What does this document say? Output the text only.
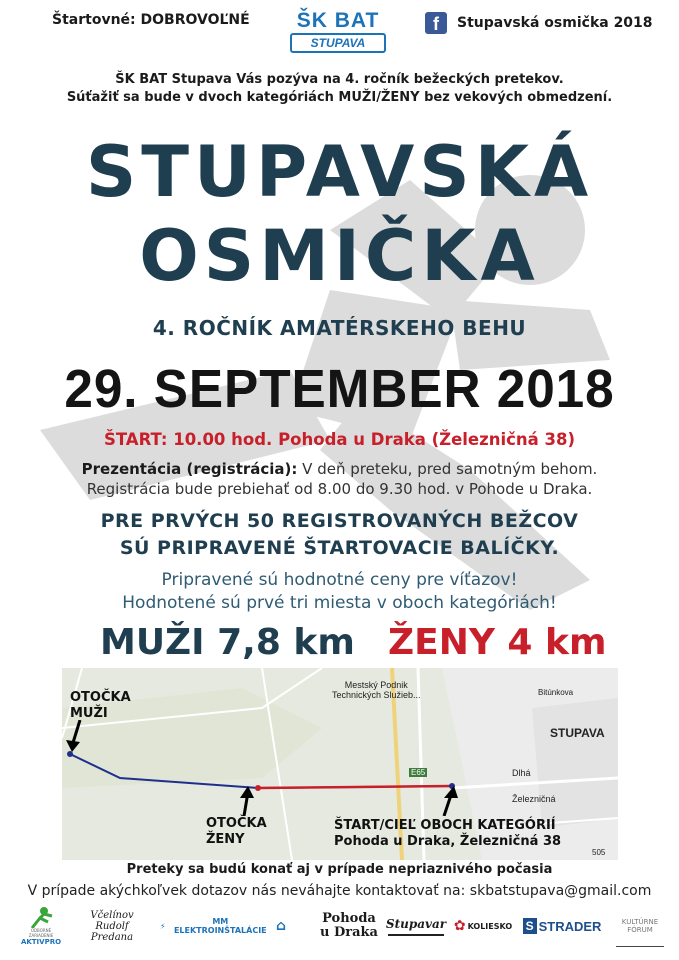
Štartovné: DOBROVOĽNÉ	ŠK BAT
STUPAVA
f	Stupavská osmička 2018
ŠK BAT Stupava Vás pozýva na 4. ročník bežeckých pretekov.
Súťažiť sa bude v dvoch kategóriách MUŽI/ŽENY bez vekových obmedzení.
STUPAVSKÁ
OSMIČKA
4. ROČNÍK AMATÉRSKEHO BEHU
29. SEPTEMBER 2018
ŠTART: 10.00 hod. Pohoda u Draka (Železničná 38)
Prezentácia (registrácia): V deň preteku, pred samotným behom.
Registrácia bude prebiehať od 8.00 do 9.30 hod. v Pohode u Draka.
PRE PRVÝCH 50 REGISTROVANÝCH BEŽCOV
SÚ PRIPRAVENÉ ŠTARTOVACIE BALÍČKY.
Pripravené sú hodnotné ceny pre víťazov!
Hodnotené sú prvé tri miesta v oboch kategóriách!
MUŽI 7,8 km ŽENY 4 km
Mestský Podnik
Technických Služieb...
STUPAVA
E65	Dlhá
Železničná
Bitúnkova
505
OTOČKA
MUŽI
OTOČKA
ŽENY
ŠTART/CIEĽ OBOCH KATEGÓRIÍ
Pohoda u Draka, Železničná 38
Preteky sa budú konať aj v prípade nepriaznivého počasia
V prípade akýchkoľvek dotazov nás neváhajte kontaktovať na: skbatstupava@gmail.com
ODBORNÉ ZARIADENIE
AKTIVPRO
Včelínov
Rudolf Predana
⚡	MM ELEKTROINŠTALÁCIE ⌂	Pohoda
u Draka
Stupavar ✿ KOLIESKO S STRADER	KULTÚRNE
FÓRUM
